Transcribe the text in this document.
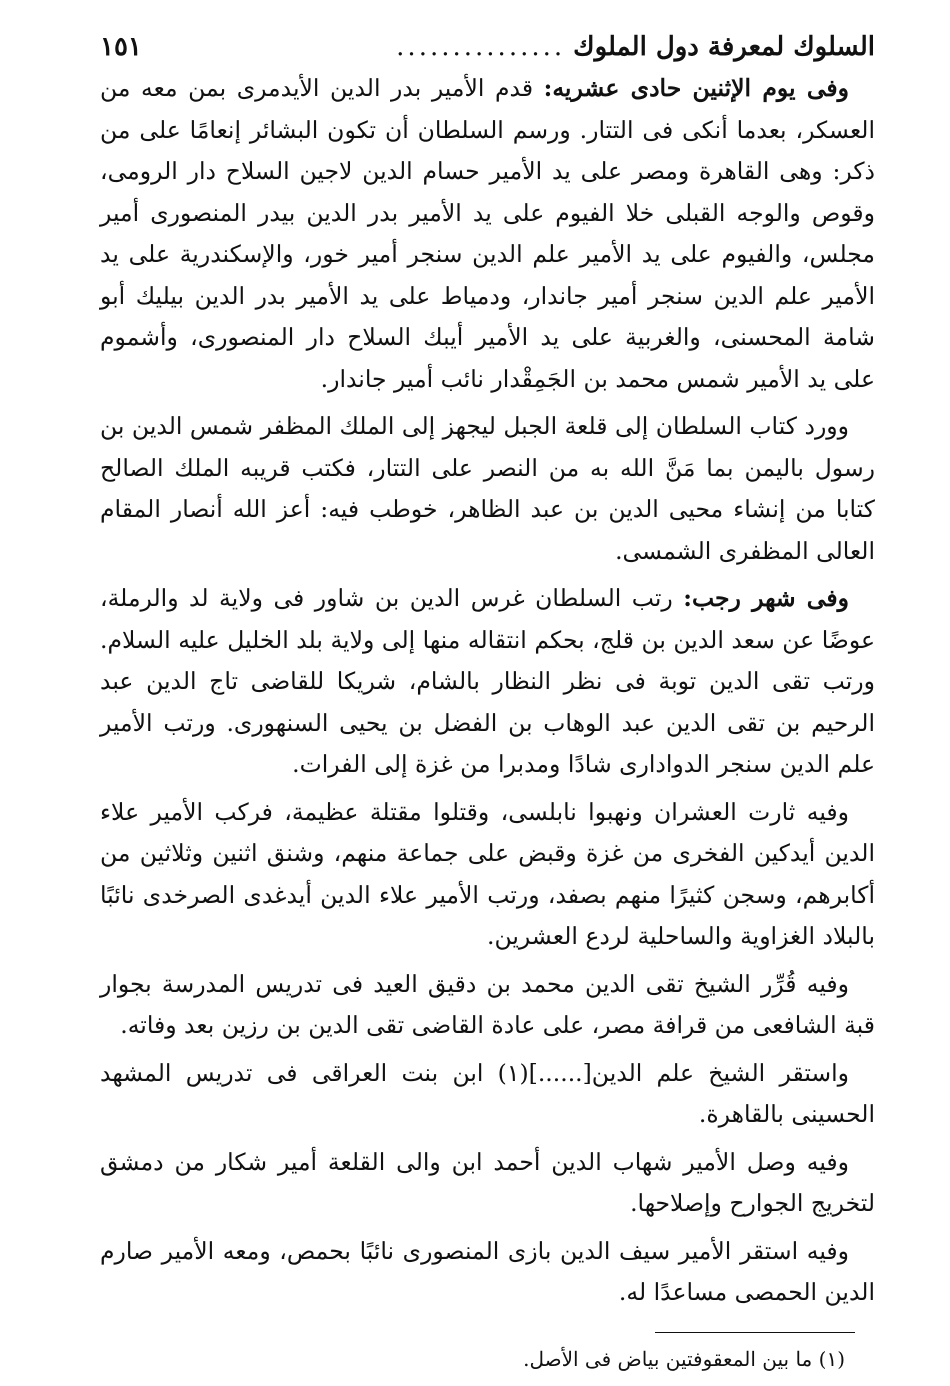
السلوك لمعرفة دول الملوك
...............
١٥١

وفى يوم الإثنين حادى عشريه: قدم الأمير بدر الدين الأيدمرى بمن معه من العسكر، بعدما أنكى فى التتار. ورسم السلطان أن تكون البشائر إنعامًا على من ذكر: وهى القاهرة ومصر على يد الأمير حسام الدين لاجين السلاح دار الرومى، وقوص والوجه القبلى خلا الفيوم على يد الأمير بدر الدين بيدر المنصورى أمير مجلس، والفيوم على يد الأمير علم الدين سنجر أمير خور، والإسكندرية على يد الأمير علم الدين سنجر أمير جاندار، ودمياط على يد الأمير بدر الدين بيليك أبو شامة المحسنى، والغربية على يد الأمير أيبك السلاح دار المنصورى، وأشموم على يد الأمير شمس محمد بن الجَمِقْدار نائب أمير جاندار.

وورد كتاب السلطان إلى قلعة الجبل ليجهز إلى الملك المظفر شمس الدين بن رسول باليمن بما مَنَّ الله به من النصر على التتار، فكتب قريبه الملك الصالح كتابا من إنشاء محيى الدين بن عبد الظاهر، خوطب فيه: أعز الله أنصار المقام العالى المظفرى الشمسى.

وفى شهر رجب: رتب السلطان غرس الدين بن شاور فى ولاية لد والرملة، عوضًا عن سعد الدين بن قلج، بحكم انتقاله منها إلى ولاية بلد الخليل عليه السلام. ورتب تقى الدين توبة فى نظر النظار بالشام، شريكا للقاضى تاج الدين عبد الرحيم بن تقى الدين عبد الوهاب بن الفضل بن يحيى السنهورى. ورتب الأمير علم الدين سنجر الدوادارى شادًا ومدبرا من غزة إلى الفرات.

وفيه ثارت العشران ونهبوا نابلسى، وقتلوا مقتلة عظيمة، فركب الأمير علاء الدين أيدكين الفخرى من غزة وقبض على جماعة منهم، وشنق اثنين وثلاثين من أكابرهم، وسجن كثيرًا منهم بصفد، ورتب الأمير علاء الدين أيدغدى الصرخدى نائبًا بالبلاد الغزاوية والساحلية لردع العشرين.

وفيه قُرِّر الشيخ تقى الدين محمد بن دقيق العيد فى تدريس المدرسة بجوار قبة الشافعى من قرافة مصر، على عادة القاضى تقى الدين بن رزين بعد وفاته.

واستقر الشيخ علم الدين[......](١) ابن بنت العراقى فى تدريس المشهد الحسينى بالقاهرة.

وفيه وصل الأمير شهاب الدين أحمد ابن والى القلعة أمير شكار من دمشق لتخريج الجوارح وإصلاحها.

وفيه استقر الأمير سيف الدين بازى المنصورى نائبًا بحمص، ومعه الأمير صارم الدين الحمصى مساعدًا له.

(١) ما بين المعقوفتين بياض فى الأصل.
